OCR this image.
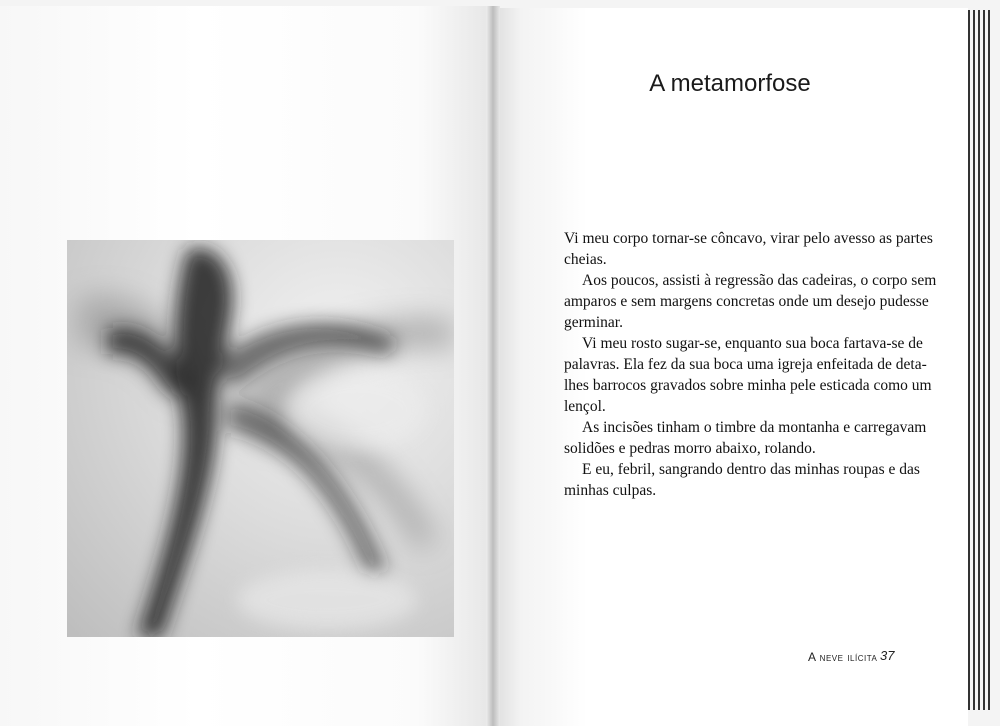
A metamorfose

Vi meu corpo tornar-se côncavo, virar pelo avesso as partes
cheias.

Aos poucos, assisti à regressão das cadeiras, o corpo sem
amparos e sem margens concretas onde um desejo pudesse
germinar.

Vi meu rosto sugar-se, enquanto sua boca fartava-se de
palavras. Ela fez da sua boca uma igreja enfeitada de deta-
lhes barrocos gravados sobre minha pele esticada como um
lençol.

As incisões tinham o timbre da montanha e carregavam
solidões e pedras morro abaixo, rolando.

E eu, febril, sangrando dentro das minhas roupas e das
minhas culpas.

A neve ilícita 37
